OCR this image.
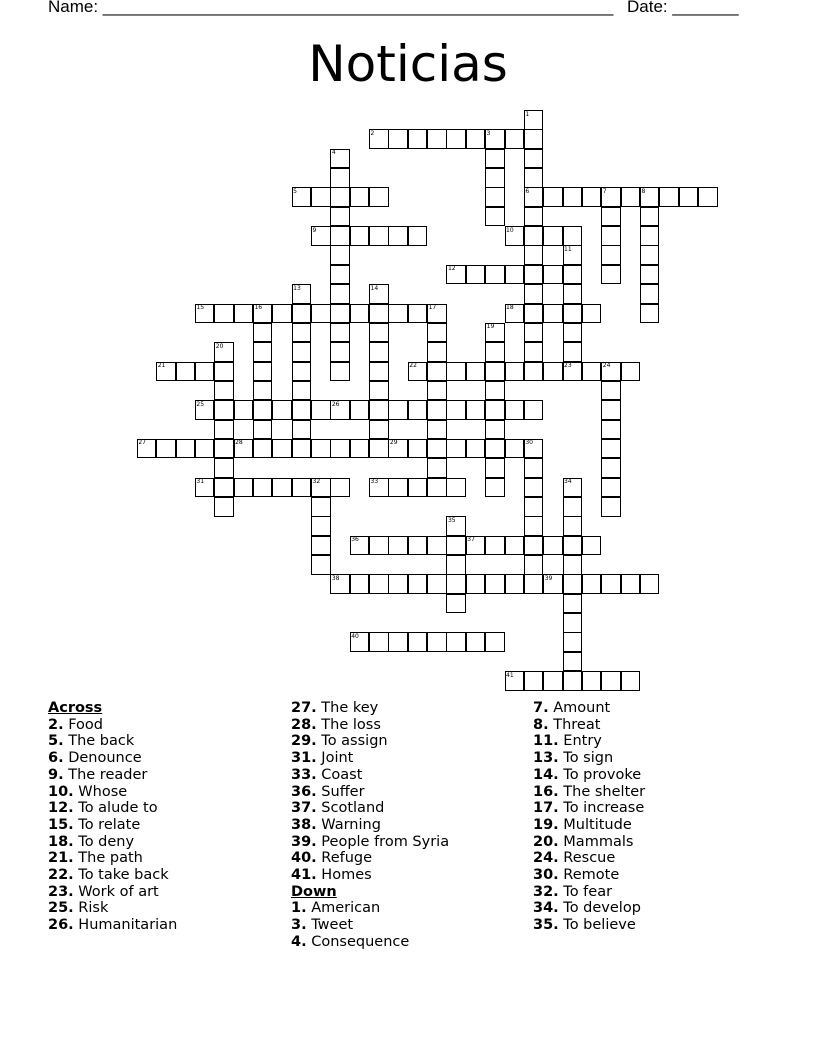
Name: ______________________________________________________ Date: _______
Noticias
1
2	3
4
5	6	7	8
9	10
11
12
13	14
15	16	17	18
19
20
21	22	23	24
25	26
27	28	29	30
31	32	33	34
35
36	37
38	39
40
41
Across
2. Food
5. The back
6. Denounce
9. The reader
10. Whose
12. To alude to
15. To relate
18. To deny
21. The path
22. To take back
23. Work of art
25. Risk
26. Humanitarian
27. The key
28. The loss
29. To assign
31. Joint
33. Coast
36. Suffer
37. Scotland
38. Warning
39. People from Syria
40. Refuge
41. Homes
Down
1. American
3. Tweet
4. Consequence
7. Amount
8. Threat
11. Entry
13. To sign
14. To provoke
16. The shelter
17. To increase
19. Multitude
20. Mammals
24. Rescue
30. Remote
32. To fear
34. To develop
35. To believe
